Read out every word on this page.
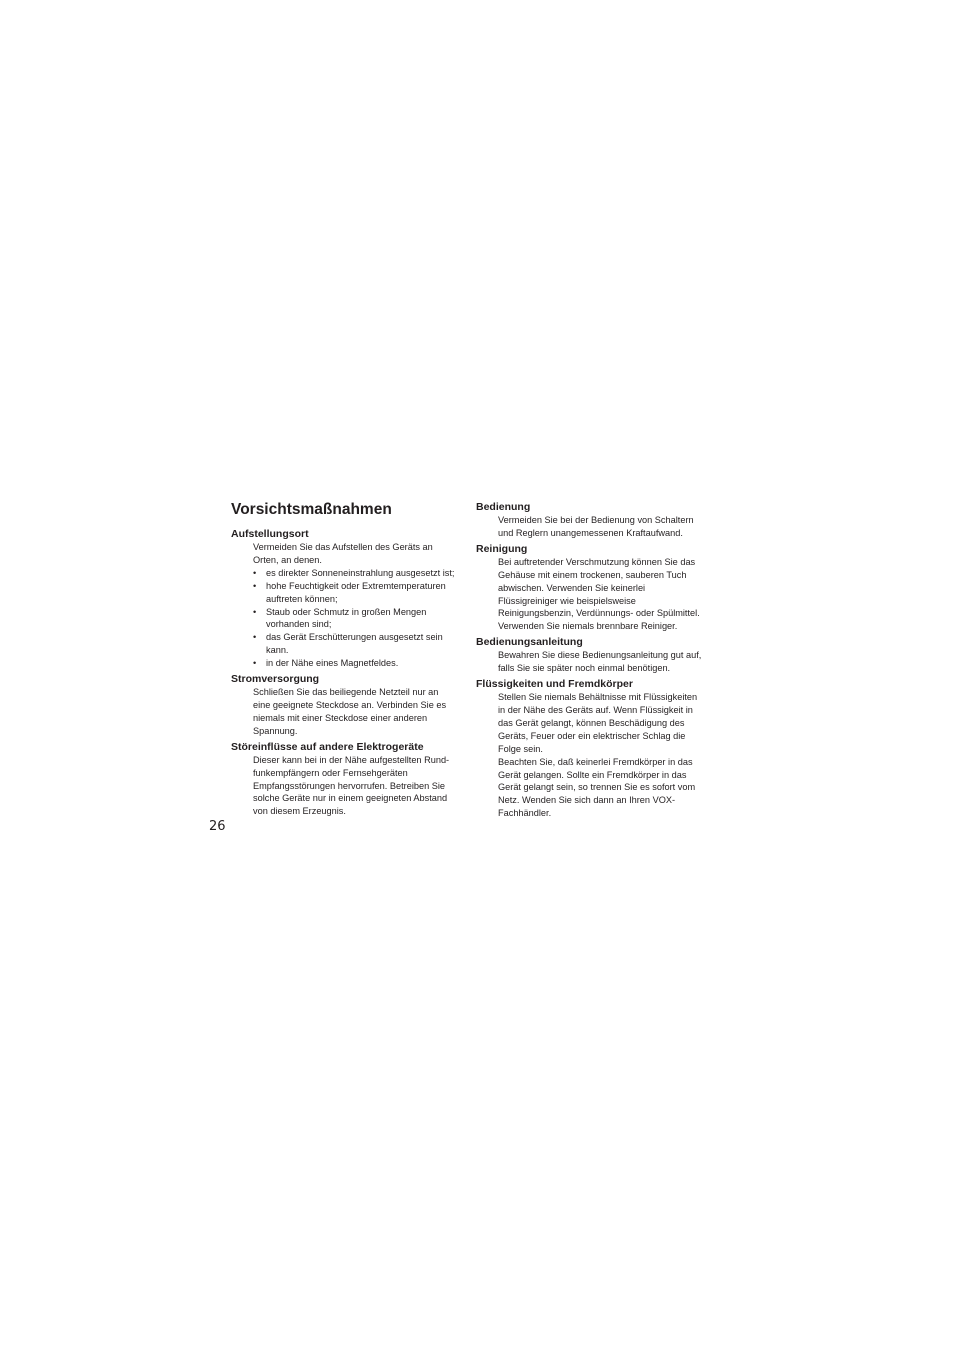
26
Vorsichtsmaßnahmen
Aufstellungsort

Vermeiden Sie das Aufstellen des Geräts an Orten, an denen.

• es direkter Sonneneinstrahlung ausgesetzt ist;
• hohe Feuchtigkeit oder Extremtemperaturen auftreten können;
• Staub oder Schmutz in großen Mengen vorhanden sind;
• das Gerät Erschütterungen ausgesetzt sein kann.
• in der Nähe eines Magnetfeldes.
Stromversorgung

Schließen Sie das beiliegende Netzteil nur an eine geeignete Steckdose an. Verbinden Sie es niemals mit einer Steckdose einer anderen Spannung.

Störeinflüsse auf andere Elektrogeräte

Dieser kann bei in der Nähe aufgestellten Rund-funkempfängern oder Fernsehgeräten Empfangsstörungen hervorrufen. Betreiben Sie solche Geräte nur in einem geeigneten Abstand von diesem Erzeugnis.

Bedienung

Vermeiden Sie bei der Bedienung von Schaltern und Reglern unangemessenen Kraftaufwand.

Reinigung

Bei auftretender Verschmutzung können Sie das Gehäuse mit einem trockenen, sauberen Tuch abwischen. Verwenden Sie keinerlei Flüssigreiniger wie beispielsweise Reinigungsbenzin, Verdünnungs- oder Spülmittel. Verwenden Sie niemals brennbare Reiniger.

Bedienungsanleitung

Bewahren Sie diese Bedienungsanleitung gut auf, falls Sie sie später noch einmal benötigen.

Flüssigkeiten und Fremdkörper

Stellen Sie niemals Behältnisse mit Flüssigkeiten in der Nähe des Geräts auf. Wenn Flüssigkeit in das Gerät gelangt, können Beschädigung des Geräts, Feuer oder ein elektrischer Schlag die Folge sein.

Beachten Sie, daß keinerlei Fremdkörper in das Gerät gelangen. Sollte ein Fremdkörper in das Gerät gelangt sein, so trennen Sie es sofort vom Netz. Wenden Sie sich dann an Ihren VOX-Fachhändler.
